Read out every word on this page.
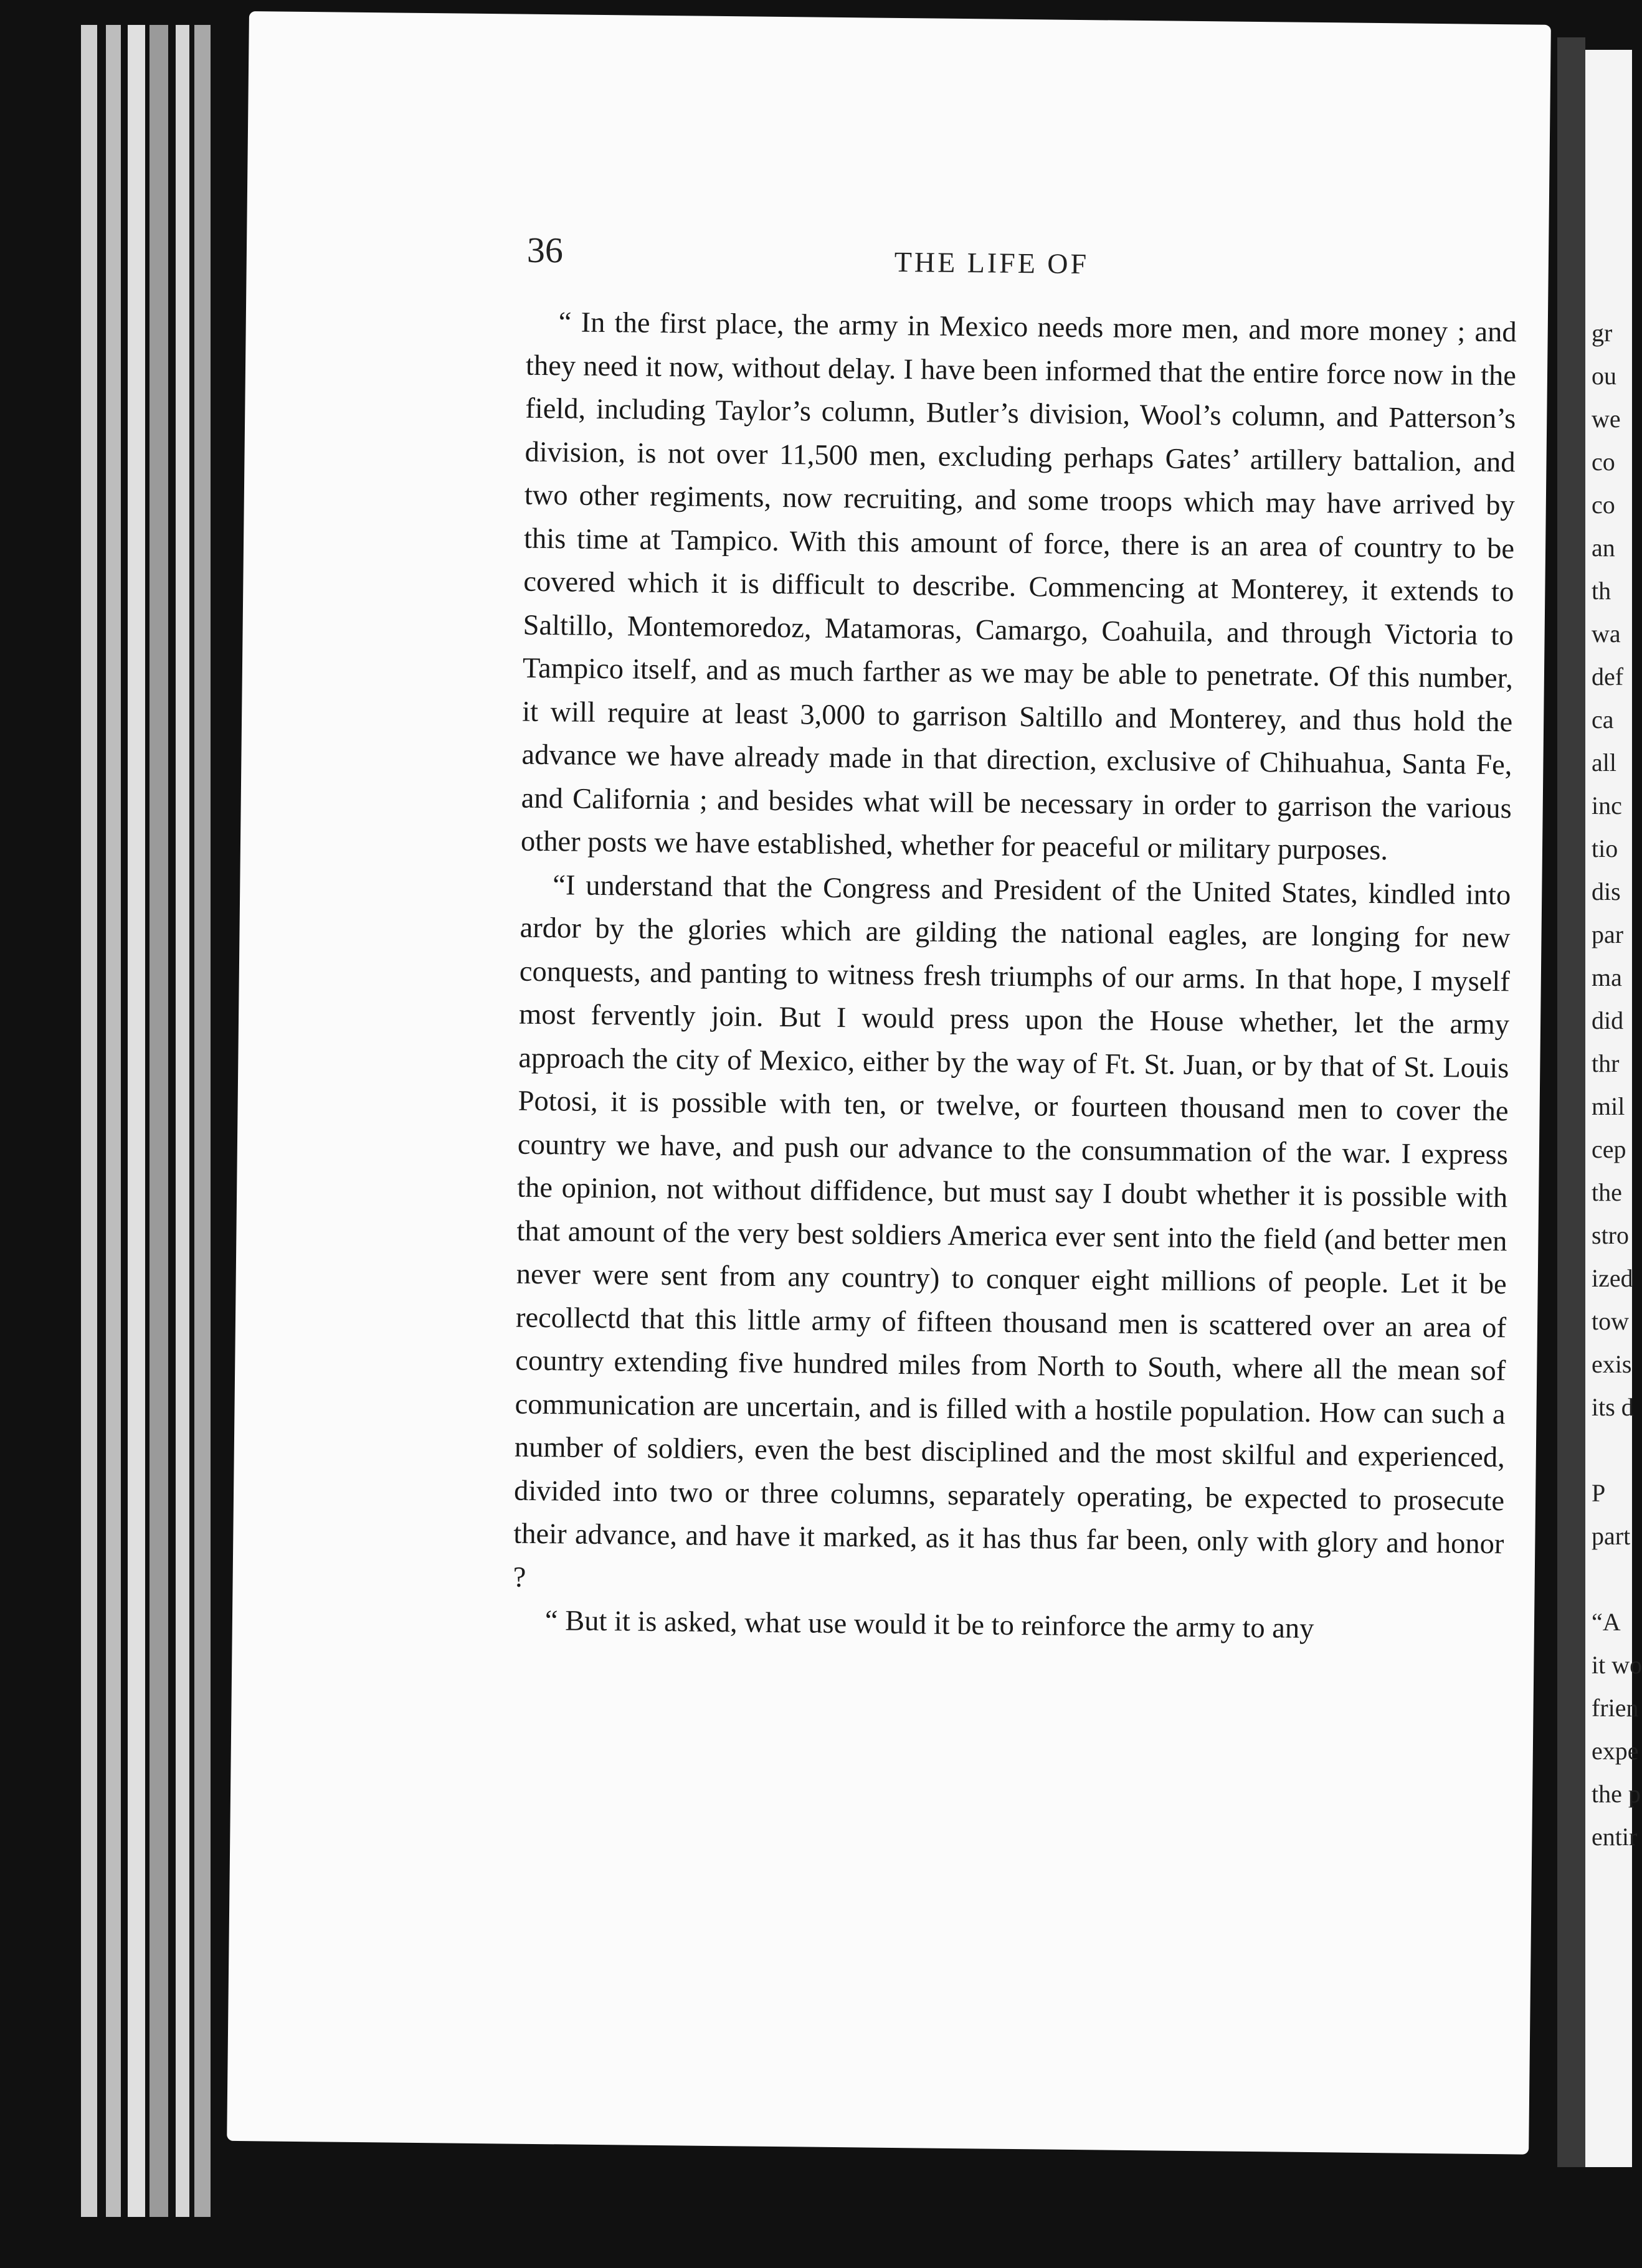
gr
ou
we
co
co
an
th
wa
def
ca
all
inc
tio
dis
par
ma
did
thr
mil
cep
the
stro
ized
tow
exis
its d

P
part

“A
it wo
frien
expe
the p
entir
36	THE LIFE OF

“ In the first place, the army in Mexico needs more men, and more money ; and they need it now, without delay. I have been informed that the entire force now in the field, including Taylor’s column, Butler’s division, Wool’s column, and Patterson’s division, is not over 11,500 men, excluding perhaps Gates’ artillery battalion, and two other regiments, now recruiting, and some troops which may have arrived by this time at Tampico. With this amount of force, there is an area of country to be covered which it is difficult to describe. Commencing at Monterey, it extends to Saltillo, Montemoredoz, Matamoras, Camargo, Coahuila, and through Victoria to Tampico itself, and as much farther as we may be able to penetrate. Of this number, it will require at least 3,000 to garrison Saltillo and Monterey, and thus hold the advance we have already made in that direction, exclusive of Chihuahua, Santa Fe, and California ; and besides what will be necessary in order to garrison the various other posts we have established, whether for peaceful or military purposes.

“I understand that the Congress and President of the United States, kindled into ardor by the glories which are gilding the national eagles, are longing for new conquests, and panting to witness fresh triumphs of our arms. In that hope, I myself most fervently join. But I would press upon the House whether, let the army approach the city of Mexico, either by the way of Ft. St. Juan, or by that of St. Louis Potosi, it is possible with ten, or twelve, or fourteen thousand men to cover the country we have, and push our advance to the consummation of the war. I express the opinion, not without diffidence, but must say I doubt whether it is possible with that amount of the very best soldiers America ever sent into the field (and better men never were sent from any country) to conquer eight millions of people. Let it be recollectd that this little army of fifteen thousand men is scattered over an area of country extending five hundred miles from North to South, where all the mean sof communication are uncertain, and is filled with a hostile population. How can such a number of soldiers, even the best disciplined and the most skilful and experienced, divided into two or three columns, separately operating, be expected to prosecute their advance, and have it marked, as it has thus far been, only with glory and honor ?

“ But it is asked, what use would it be to reinforce the army to any
